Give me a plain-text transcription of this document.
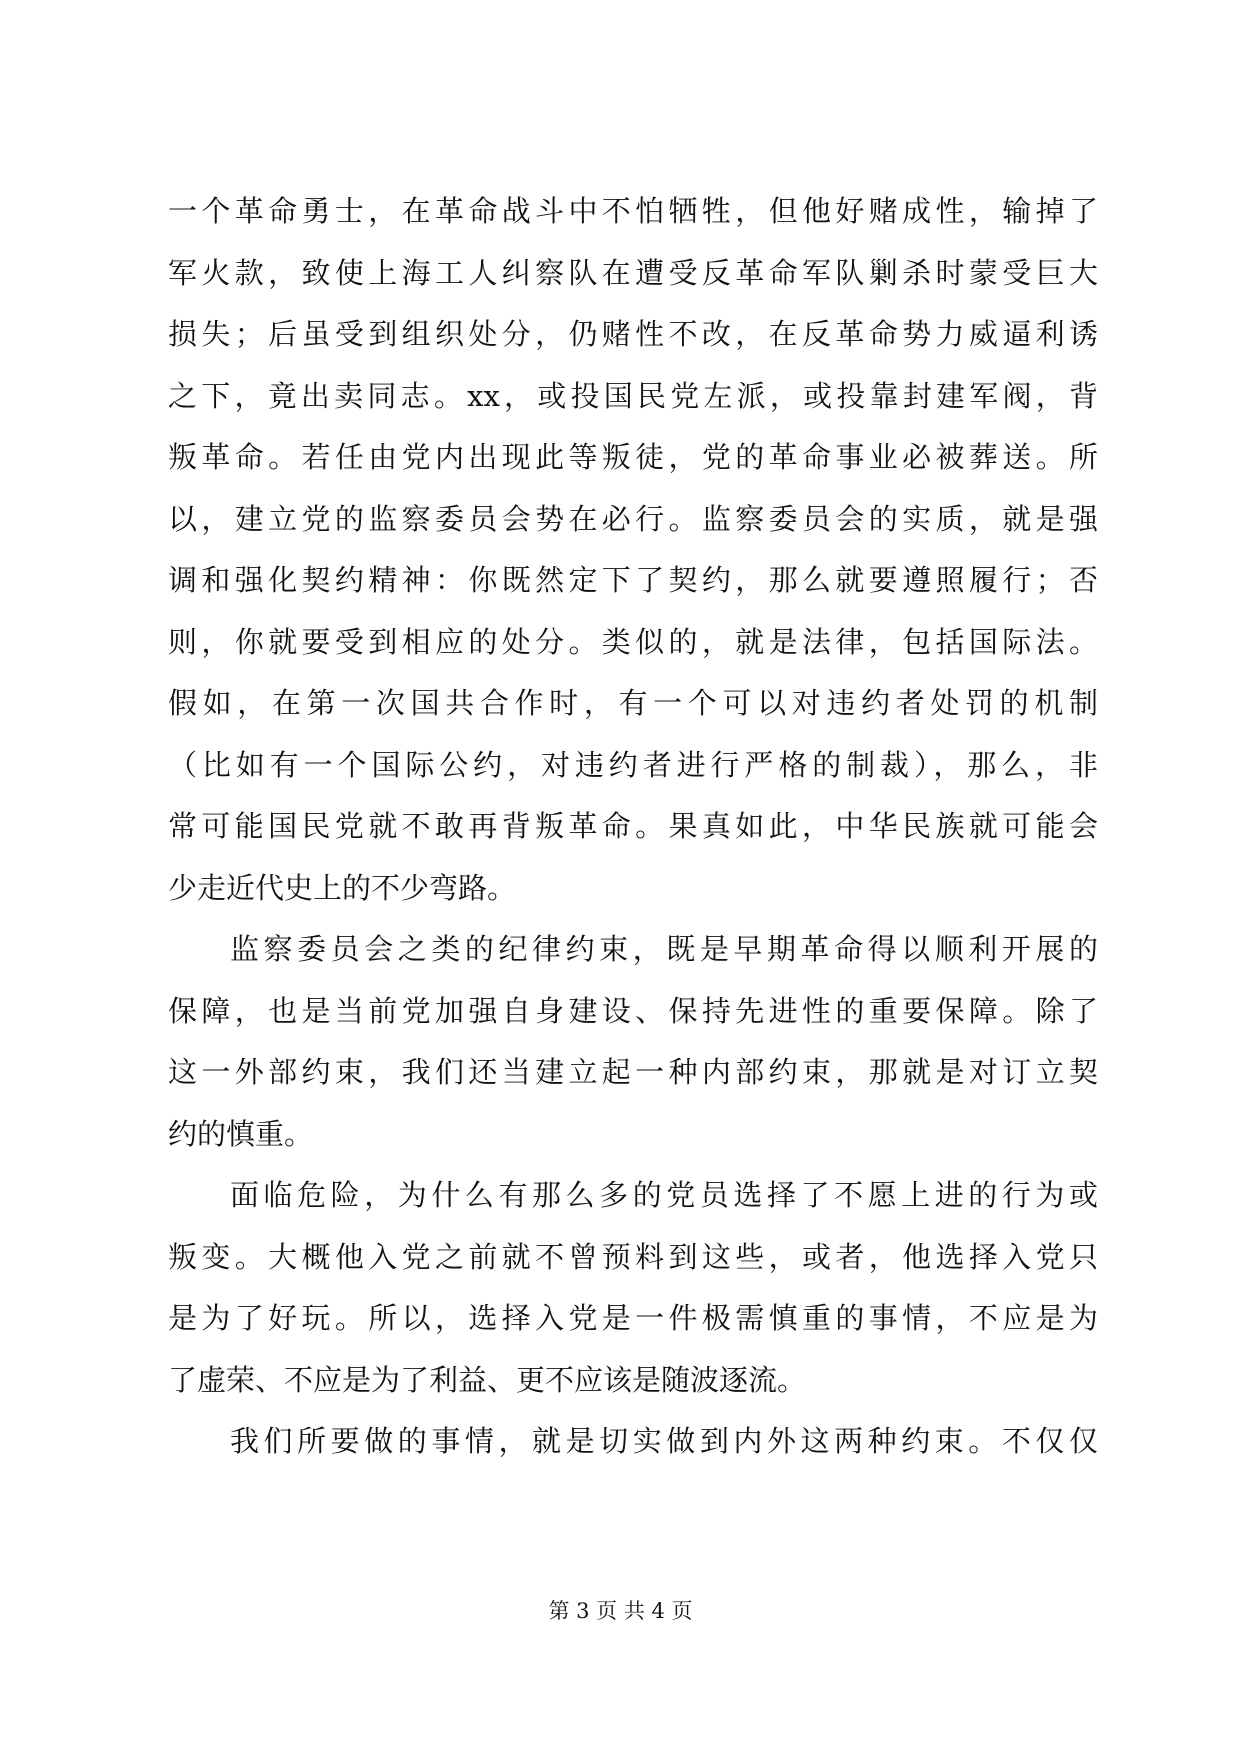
一个革命勇士，在革命战斗中不怕牺牲，但他好赌成性，输掉了
军火款，致使上海工人纠察队在遭受反革命军队剿杀时蒙受巨大
损失；后虽受到组织处分，仍赌性不改，在反革命势力威逼利诱
之下，竟出卖同志。xx，或投国民党左派，或投靠封建军阀，背
叛革命。若任由党内出现此等叛徒，党的革命事业必被葬送。所
以，建立党的监察委员会势在必行。监察委员会的实质，就是强
调和强化契约精神：你既然定下了契约，那么就要遵照履行；否
则，你就要受到相应的处分。类似的，就是法律，包括国际法。
假如，在第一次国共合作时，有一个可以对违约者处罚的机制
（比如有一个国际公约，对违约者进行严格的制裁），那么，非
常可能国民党就不敢再背叛革命。果真如此，中华民族就可能会
少走近代史上的不少弯路。
监察委员会之类的纪律约束，既是早期革命得以顺利开展的
保障，也是当前党加强自身建设、保持先进性的重要保障。除了
这一外部约束，我们还当建立起一种内部约束，那就是对订立契
约的慎重。
面临危险，为什么有那么多的党员选择了不愿上进的行为或
叛变。大概他入党之前就不曾预料到这些，或者，他选择入党只
是为了好玩。所以，选择入党是一件极需慎重的事情，不应是为
了虚荣、不应是为了利益、更不应该是随波逐流。
我们所要做的事情，就是切实做到内外这两种约束。不仅仅
第 3 页 共 4 页
